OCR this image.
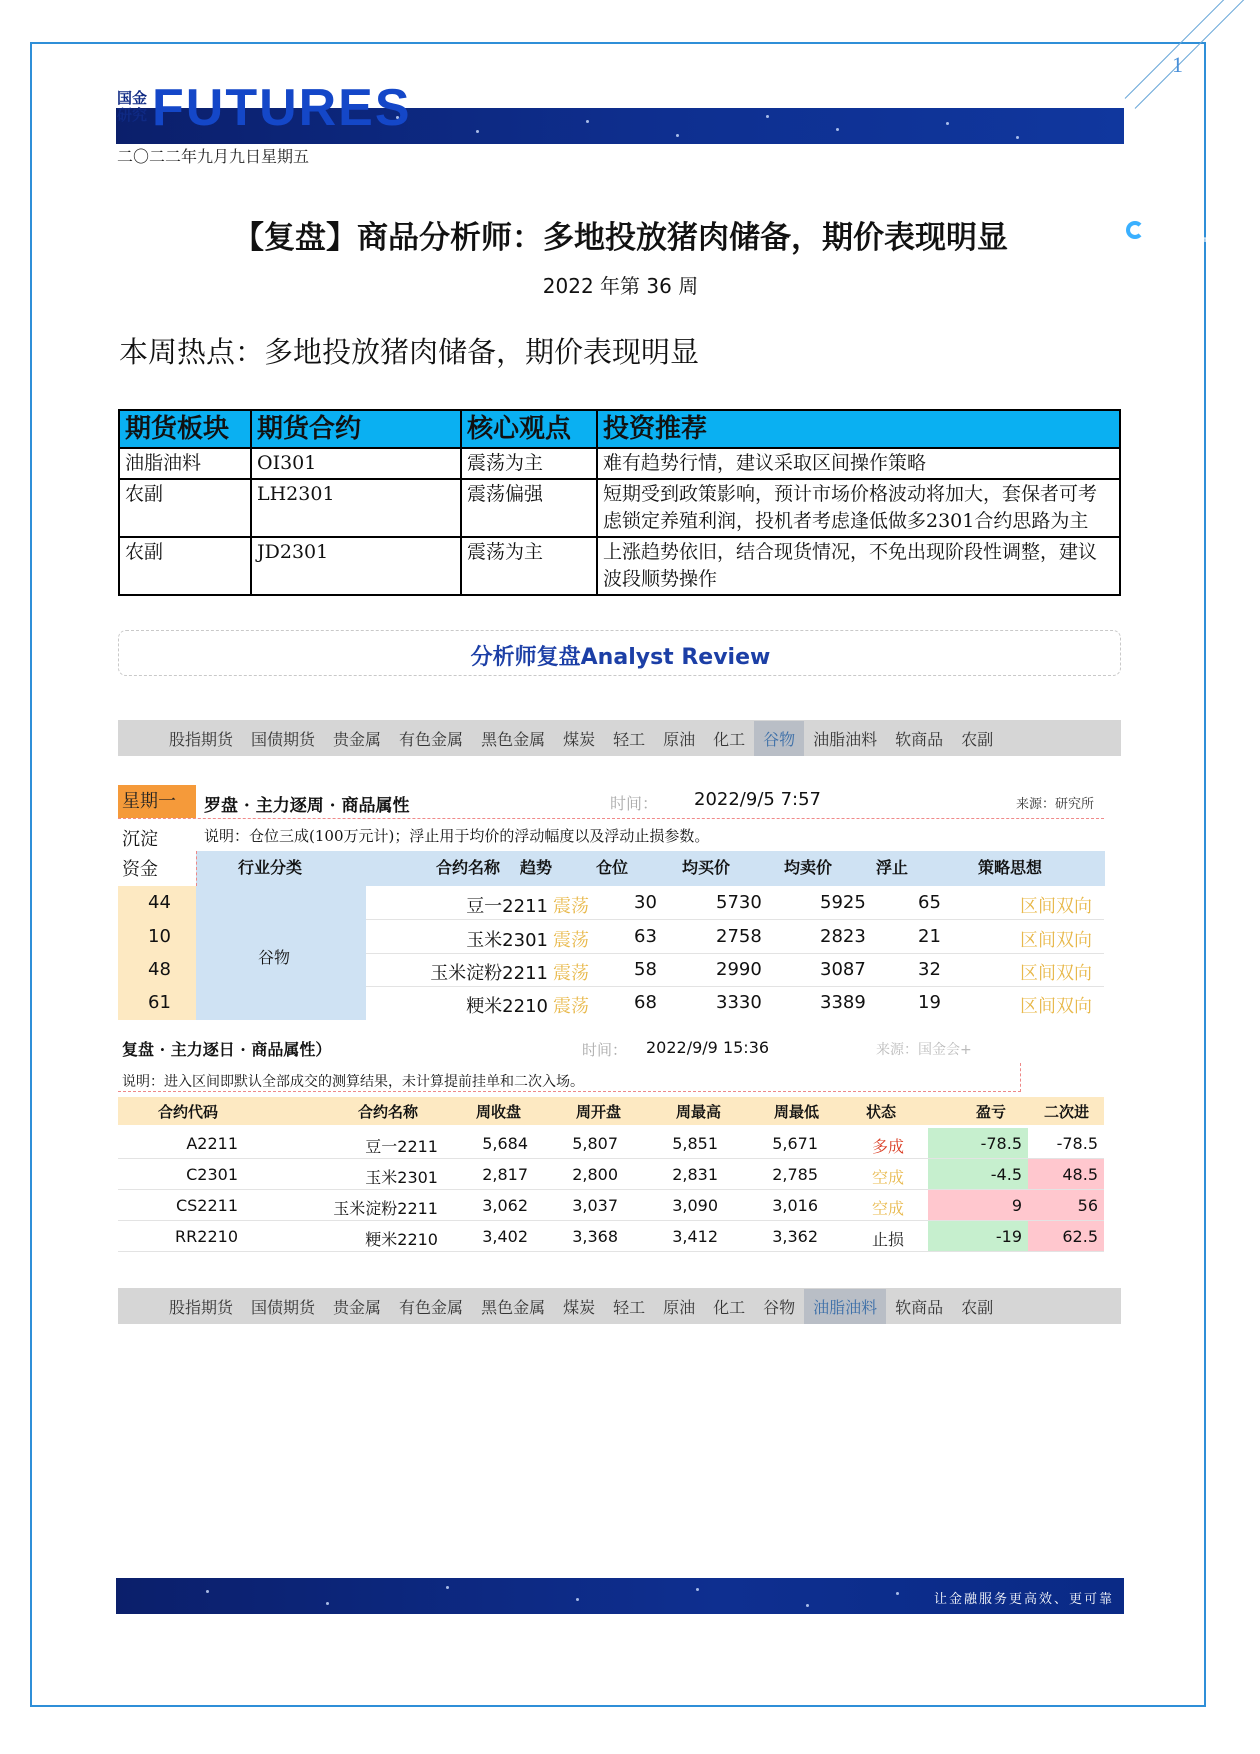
1
国金期货
SINOLINK FUTURES
国金
研究 FUTURES
二〇二二年九月九日星期五
【复盘】商品分析师：多地投放猪肉储备，期价表现明显
2022 年第 36 周
本周热点：多地投放猪肉储备，期价表现明显
期货板块	期货合约	核心观点	投资推荐
油脂油料	OI301	震荡为主	难有趋势行情，建议采取区间操作策略
农副	LH2301	震荡偏强	短期受到政策影响，预计市场价格波动将加大，套保者可考虑锁定养殖利润，投机者考虑逢低做多2301合约思路为主
农副	JD2301	震荡为主	上涨趋势依旧，结合现货情况，不免出现阶段性调整，建议波段顺势操作
分析师复盘Analyst Review
股指期货	国债期货	贵金属	有色金属	黑色金属	煤炭	轻工	原油	化工	谷物	油脂油料	软商品	农副
星期一	罗盘 · 主力逐周 · 商品属性	时间： 2022/9/5 7:57	来源：研究所
沉淀	说明：仓位三成(100万元计)；浮止用于均价的浮动幅度以及浮动止损参数。
资金	行业分类	合约名称 趋势	仓位	均买价	均卖价	浮止	策略思想
谷物
44	豆一2211 震荡	30	5730	5925	65	区间双向
10	玉米2301 震荡	63	2758	2823	21	区间双向
48	玉米淀粉2211 震荡	58	2990	3087	32	区间双向
61	粳米2210 震荡	68	3330	3389	19	区间双向
复盘 · 主力逐日 · 商品属性）	时间： 2022/9/9 15:36	来源：国金会+
说明：进入区间即默认全部成交的测算结果，未计算提前挂单和二次入场。
合约代码	合约名称	周收盘	周开盘	周最高	周最低	状态	盈亏	二次进
A2211	豆一2211	5,684	5,807	5,851	5,671	多成	-78.5	-78.5
C2301	玉米2301	2,817	2,800	2,831	2,785	空成	-4.5	48.5
CS2211	玉米淀粉2211	3,062	3,037	3,090	3,016	空成	9	56
RR2210	粳米2210	3,402	3,368	3,412	3,362	止损	-19	62.5
股指期货	国债期货	贵金属	有色金属	黑色金属	煤炭	轻工	原油	化工	谷物	油脂油料	软商品	农副
让金融服务更高效、更可靠
